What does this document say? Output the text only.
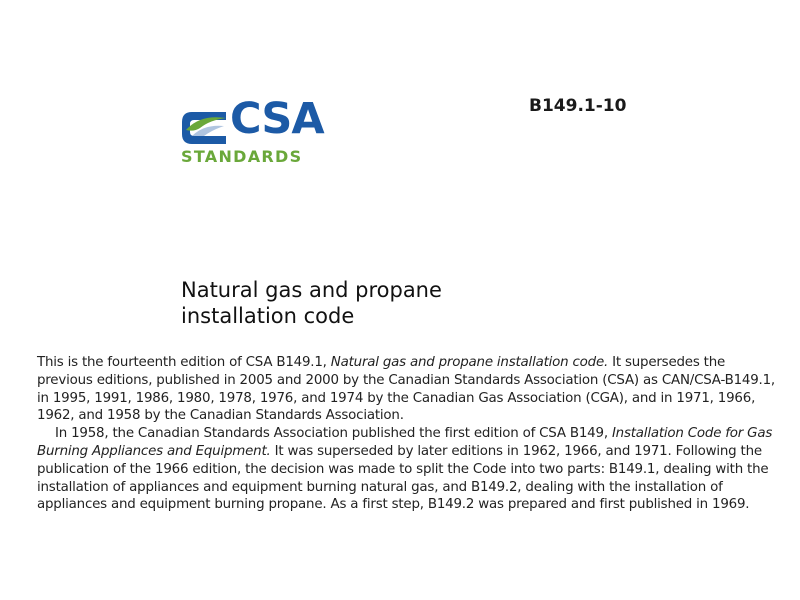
CSA
STANDARDS
B149.1-10
Natural gas and propane
installation code

This is the fourteenth edition of CSA B149.1, Natural gas and propane installation code. It supersedes the previous editions, published in 2005 and 2000 by the Canadian Standards Association (CSA) as CAN/CSA-B149.1, in 1995, 1991, 1986, 1980, 1978, 1976, and 1974 by the Canadian Gas Association (CGA), and in 1971, 1966, 1962, and 1958 by the Canadian Standards Association.

In 1958, the Canadian Standards Association published the first edition of CSA B149, Installation Code for Gas Burning Appliances and Equipment. It was superseded by later editions in 1962, 1966, and 1971. Following the publication of the 1966 edition, the decision was made to split the Code into two parts: B149.1, dealing with the installation of appliances and equipment burning natural gas, and B149.2, dealing with the installation of appliances and equipment burning propane. As a first step, B149.2 was prepared and first published in 1969.
